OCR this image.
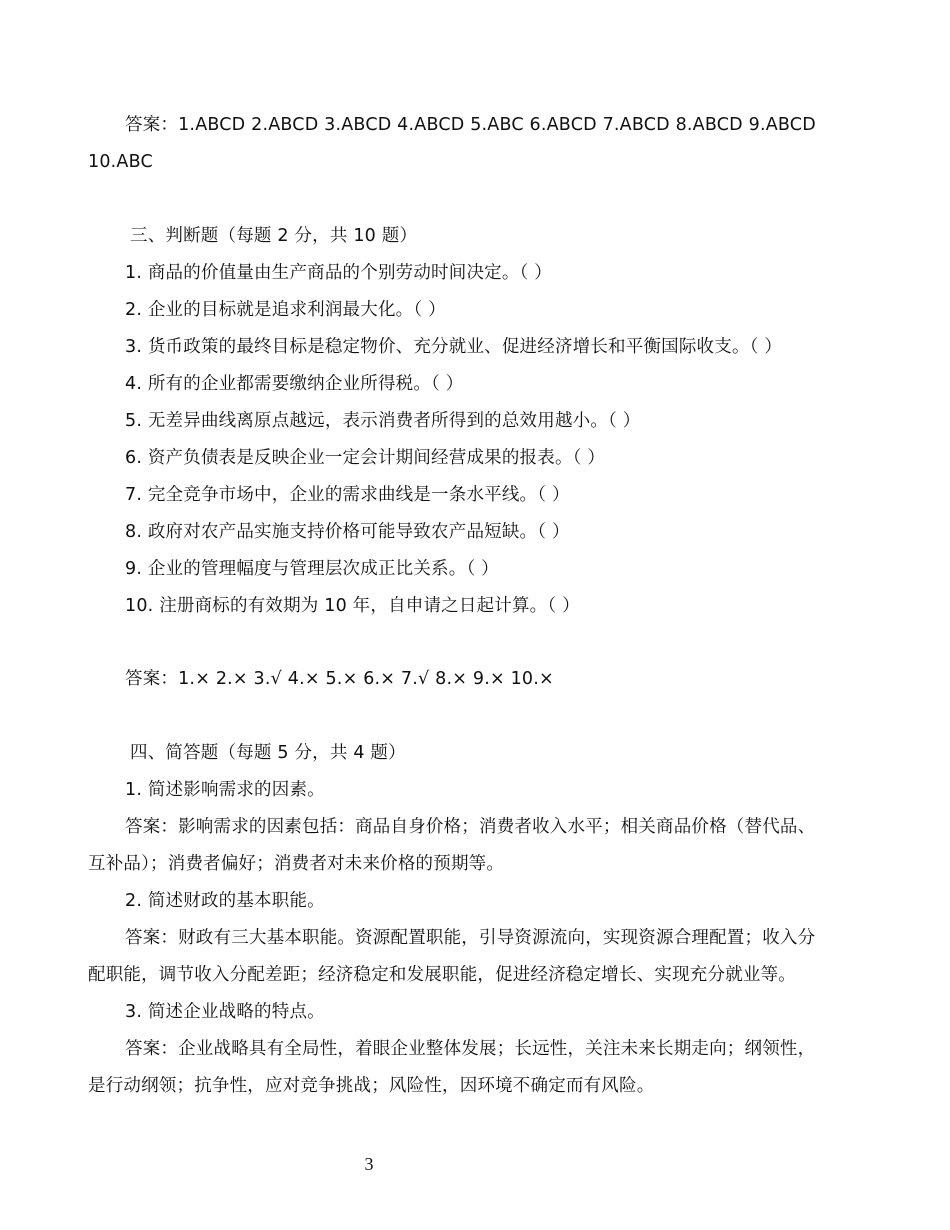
答案：1.ABCD 2.ABCD 3.ABCD 4.ABCD 5.ABC 6.ABCD 7.ABCD 8.ABCD 9.ABCD
10.ABC
三、判断题（每题 2 分，共 10 题）
1. 商品的价值量由生产商品的个别劳动时间决定。（ ）
2. 企业的目标就是追求利润最大化。（ ）
3. 货币政策的最终目标是稳定物价、充分就业、促进经济增长和平衡国际收支。（ ）
4. 所有的企业都需要缴纳企业所得税。（ ）
5. 无差异曲线离原点越远，表示消费者所得到的总效用越小。（ ）
6. 资产负债表是反映企业一定会计期间经营成果的报表。（ ）
7. 完全竞争市场中，企业的需求曲线是一条水平线。（ ）
8. 政府对农产品实施支持价格可能导致农产品短缺。（ ）
9. 企业的管理幅度与管理层次成正比关系。（ ）
10. 注册商标的有效期为 10 年，自申请之日起计算。（ ）
答案：1.× 2.× 3.√ 4.× 5.× 6.× 7.√ 8.× 9.× 10.×
四、简答题（每题 5 分，共 4 题）
1. 简述影响需求的因素。
答案：影响需求的因素包括：商品自身价格；消费者收入水平；相关商品价格（替代品、
互补品）；消费者偏好；消费者对未来价格的预期等。
2. 简述财政的基本职能。
答案：财政有三大基本职能。资源配置职能，引导资源流向，实现资源合理配置；收入分
配职能，调节收入分配差距；经济稳定和发展职能，促进经济稳定增长、实现充分就业等。
3. 简述企业战略的特点。
答案：企业战略具有全局性，着眼企业整体发展；长远性，关注未来长期走向；纲领性，
是行动纲领；抗争性，应对竞争挑战；风险性，因环境不确定而有风险。
3
